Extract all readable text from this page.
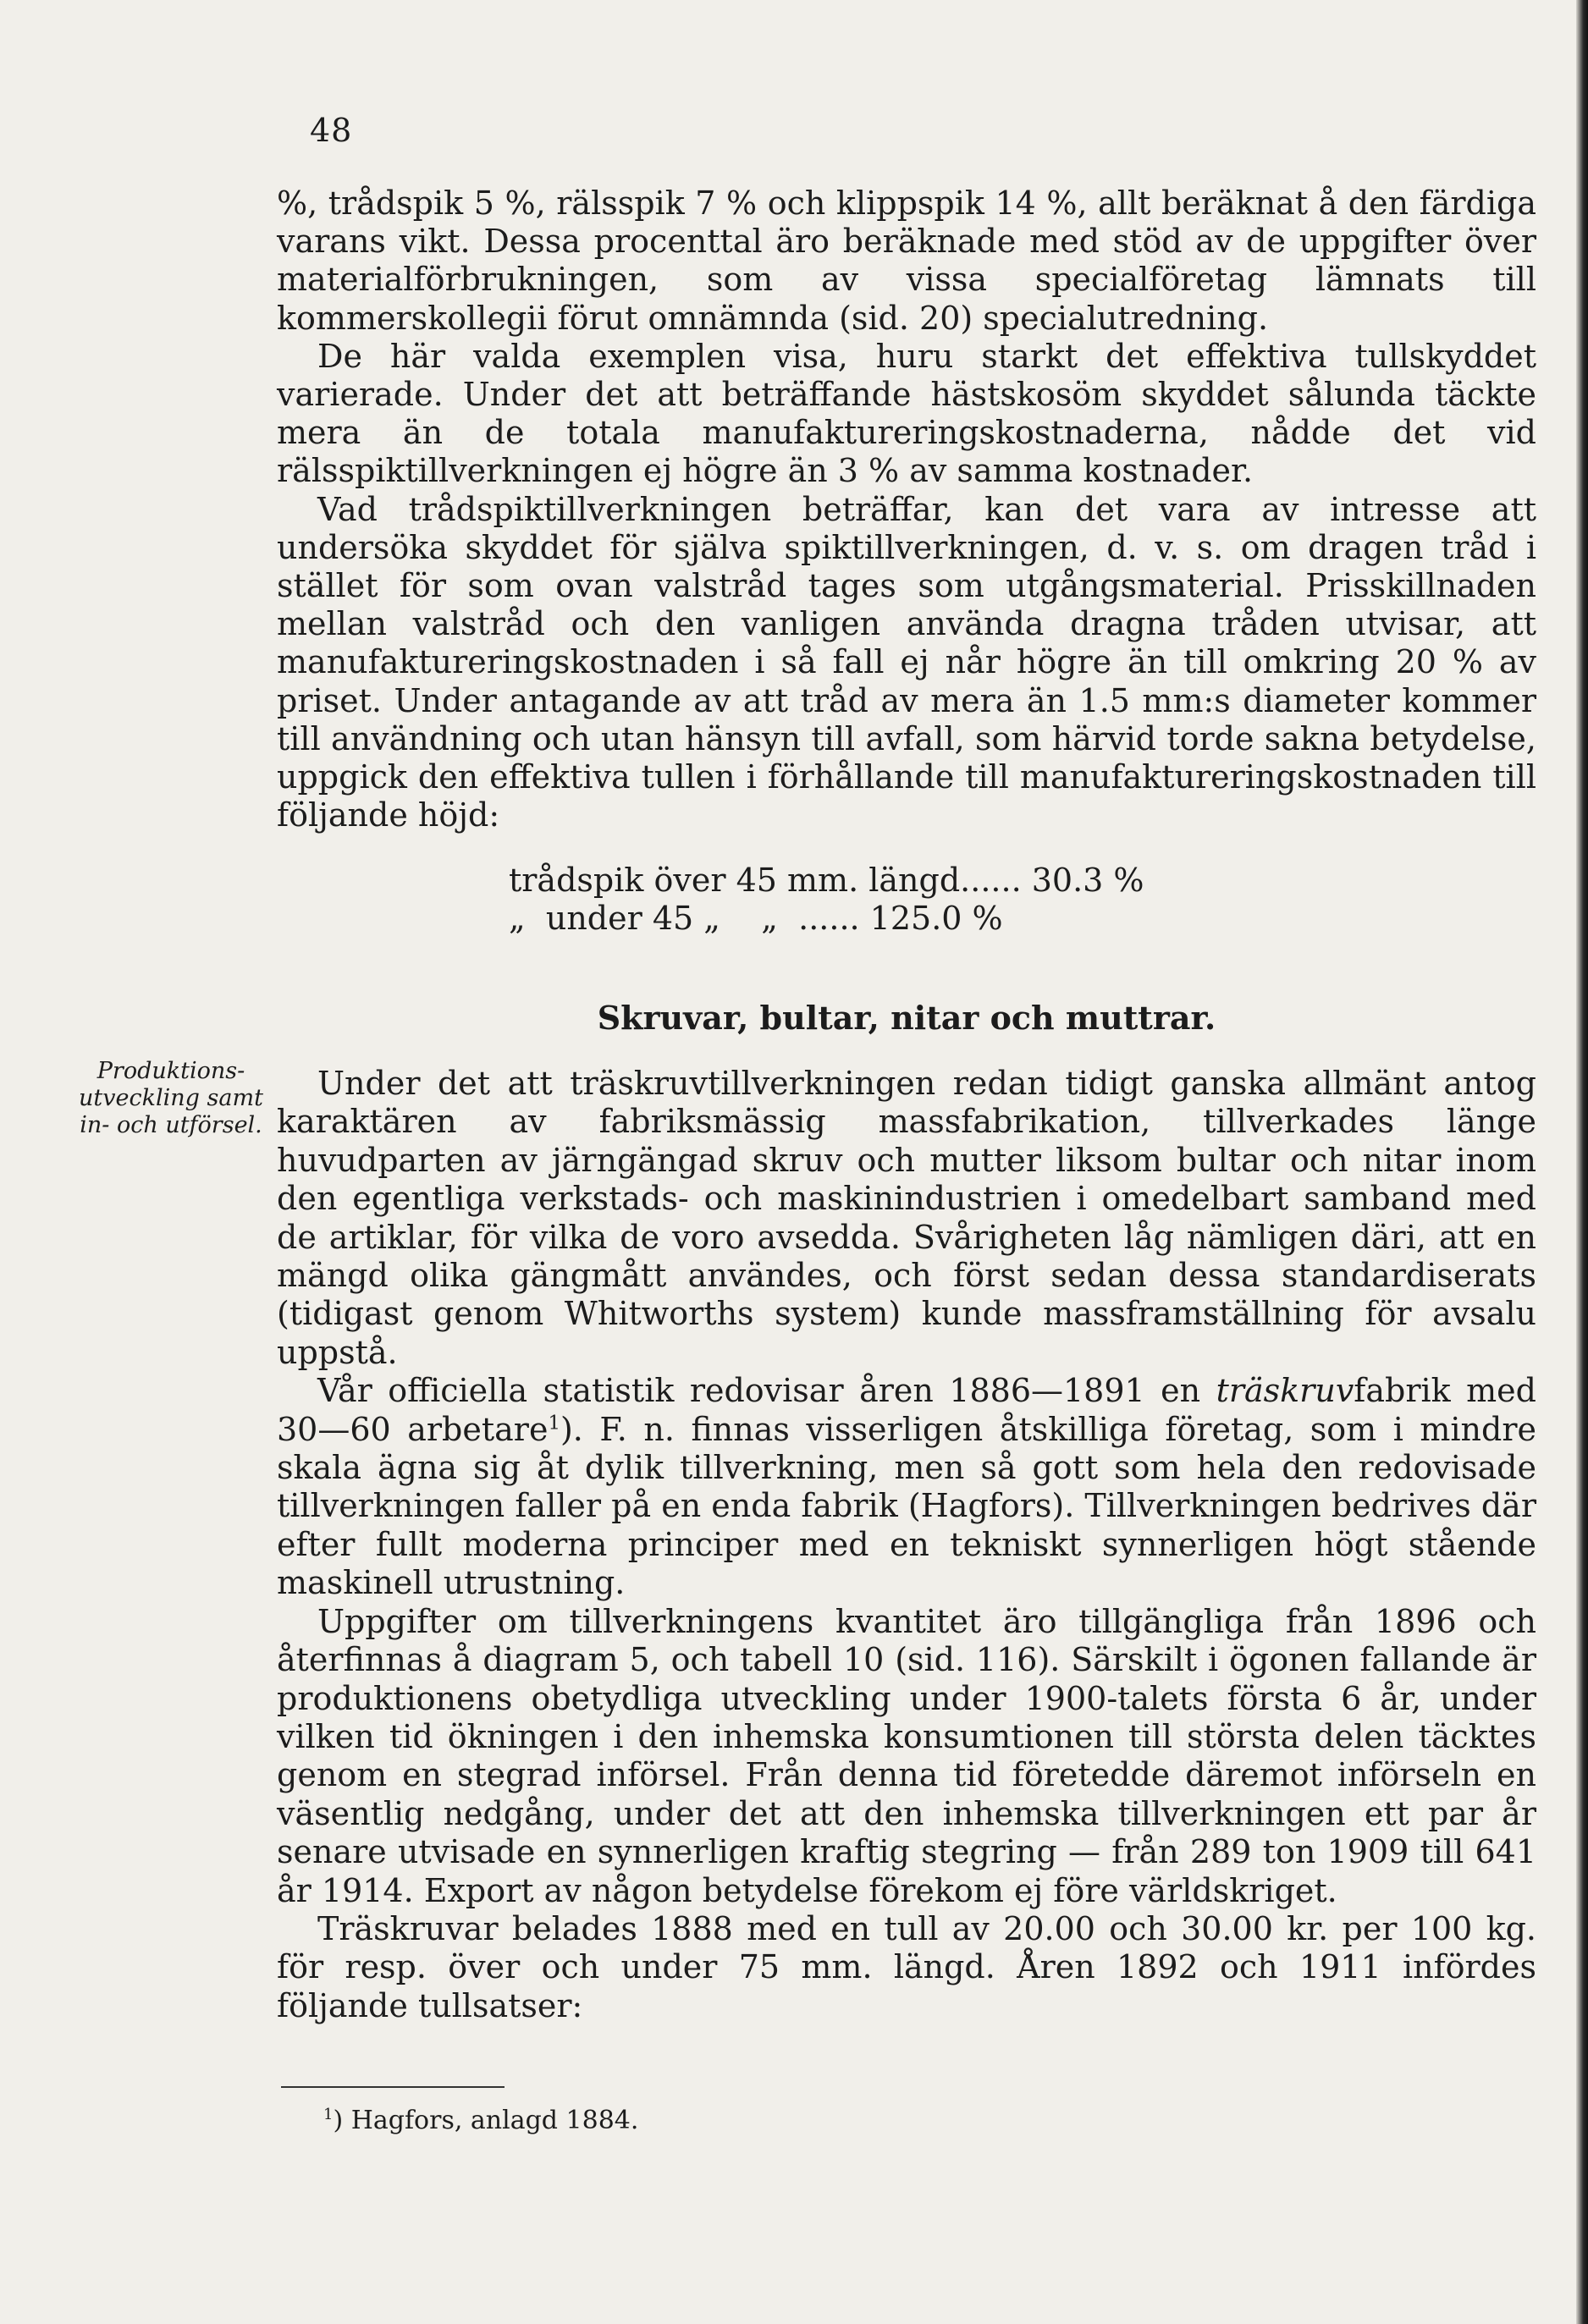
48

%, trådspik 5 %, rälsspik 7 % och klippspik 14 %, allt beräknat å den färdiga varans vikt. Dessa procenttal äro beräknade med stöd av de uppgifter över materialförbrukningen, som av vissa specialföretag lämnats till kommerskollegii förut omnämnda (sid. 20) specialutredning.

De här valda exemplen visa, huru starkt det effektiva tullskyddet varierade. Under det att beträffande hästskosöm skyddet sålunda täckte mera än de totala manufaktureringskostnaderna, nådde det vid rälsspiktillverkningen ej högre än 3 % av samma kostnader.

Vad trådspiktillverkningen beträffar, kan det vara av intresse att undersöka skyddet för själva spiktillverkningen, d. v. s. om dragen tråd i stället för som ovan valstråd tages som utgångsmaterial. Prisskillnaden mellan valstråd och den vanligen använda dragna tråden utvisar, att manufaktureringskostnaden i så fall ej når högre än till omkring 20 % av priset. Under antagande av att tråd av mera än 1.5 mm:s diameter kommer till användning och utan hänsyn till avfall, som härvid torde sakna betydelse, uppgick den effektiva tullen i förhållande till manufaktureringskostnaden till följande höjd:

trådspik över 45 mm. längd...... 30.3 %
„  under 45 „    „  ...... 125.0 %
Skruvar, bultar, nitar och muttrar.
Produktions-utveckling samt in- och utförsel.

Under det att träskruvtillverkningen redan tidigt ganska allmänt antog karaktären av fabriksmässig massfabrikation, tillverkades länge huvudparten av järngängad skruv och mutter liksom bultar och nitar inom den egentliga verkstads- och maskinindustrien i omedelbart samband med de artiklar, för vilka de voro avsedda. Svårigheten låg nämligen däri, att en mängd olika gängmått användes, och först sedan dessa standardiserats (tidigast genom Whitworths system) kunde massframställning för avsalu uppstå.

Vår officiella statistik redovisar åren 1886—1891 en träskruvfabrik med 30—60 arbetare$^1$). F. n. finnas visserligen åtskilliga företag, som i mindre skala ägna sig åt dylik tillverkning, men så gott som hela den redovisade tillverkningen faller på en enda fabrik (Hagfors). Tillverkningen bedrives där efter fullt moderna principer med en tekniskt synnerligen högt stående maskinell utrustning.

Uppgifter om tillverkningens kvantitet äro tillgängliga från 1896 och återfinnas å diagram 5, och tabell 10 (sid. 116). Särskilt i ögonen fallande är produktionens obetydliga utveckling under 1900-talets första 6 år, under vilken tid ökningen i den inhemska konsumtionen till största delen täcktes genom en stegrad införsel. Från denna tid företedde däremot införseln en väsentlig nedgång, under det att den inhemska tillverkningen ett par år senare utvisade en synnerligen kraftig stegring — från 289 ton 1909 till 641 år 1914. Export av någon betydelse förekom ej före världskriget.

Träskruvar belades 1888 med en tull av 20.00 och 30.00 kr. per 100 kg. för resp. över och under 75 mm. längd. Åren 1892 och 1911 infördes följande tullsatser:

$^1$) Hagfors, anlagd 1884.
